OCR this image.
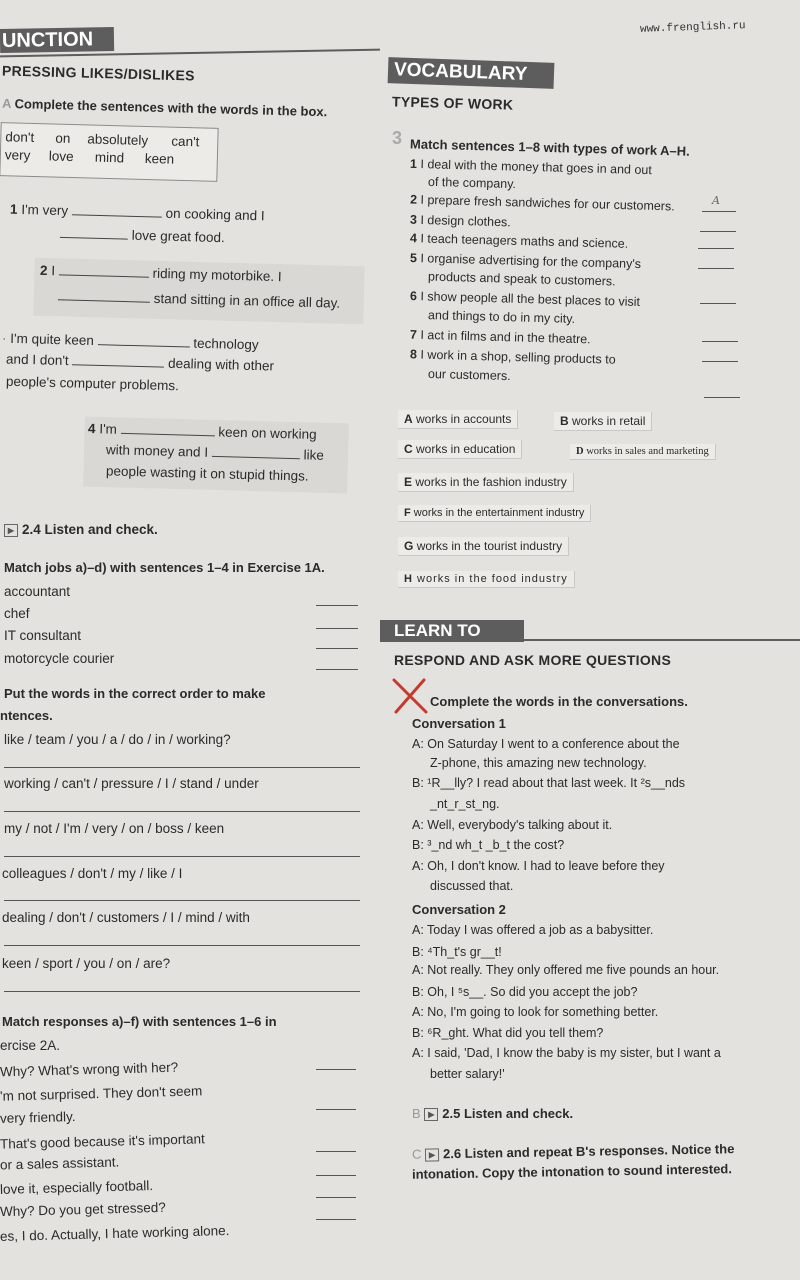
www.frenglish.ru
UNCTION
PRESSING LIKES/DISLIKES	VOCABULARY
TYPES OF WORK
A Complete the sentences with the words in the box.
don't on absolutely can't
very love mind keen
1 I'm very	on cooking and I
love great food.
2 I	riding my motorbike. I
stand sitting in an office all day.
· I'm quite keen	technology
and I don't	dealing with other
people's computer problems.
4 I'm	keen on working
with money and I	like
people wasting it on stupid things.
▶ 2.4 Listen and check.
Match jobs a)–d) with sentences 1–4 in Exercise 1A.
accountant
chef
IT consultant
motorcycle courier
Put the words in the correct order to make
ntences.
like / team / you / a / do / in / working?
working / can't / pressure / I / stand / under
my / not / I'm / very / on / boss / keen
colleagues / don't / my / like / I
dealing / don't / customers / I / mind / with
keen / sport / you / on / are?
Match responses a)–f) with sentences 1–6 in
ercise 2A.
Why? What's wrong with her?
'm not surprised. They don't seem
very friendly.
That's good because it's important
or a sales assistant.
love it, especially football.
Why? Do you get stressed?
es, I do. Actually, I hate working alone.
3 Match sentences 1–8 with types of work A–H.
1 I deal with the money that goes in and out
of the company.
2 I prepare fresh sandwiches for our customers.
3 I design clothes.
4 I teach teenagers maths and science.
5 I organise advertising for the company's
products and speak to customers.
6 I show people all the best places to visit
and things to do in my city.
7 I act in films and in the theatre.
8 I work in a shop, selling products to
our customers.
A
A works in accounts	B works in retail
C works in education	D works in sales and marketing
E works in the fashion industry
F works in the entertainment industry
G works in the tourist industry
H works in the food industry
LEARN TO
RESPOND AND ASK MORE QUESTIONS
Complete the words in the conversations.
Conversation 1
A: On Saturday I went to a conference about the
Z-phone, this amazing new technology.
B: ¹R__lly? I read about that last week. It ²s__nds
_nt_r_st_ng.
A: Well, everybody's talking about it.
B: ³_nd wh_t _b_t the cost?
A: Oh, I don't know. I had to leave before they
discussed that.
Conversation 2
A: Today I was offered a job as a babysitter.
B: ⁴Th_t's gr__t!
A: Not really. They only offered me five pounds an hour.
B: Oh, I ⁵s__. So did you accept the job?
A: No, I'm going to look for something better.
B: ⁶R_ght. What did you tell them?
A: I said, 'Dad, I know the baby is my sister, but I want a
better salary!'
B ▶ 2.5 Listen and check.
C ▶ 2.6 Listen and repeat B's responses. Notice the
intonation. Copy the intonation to sound interested.
